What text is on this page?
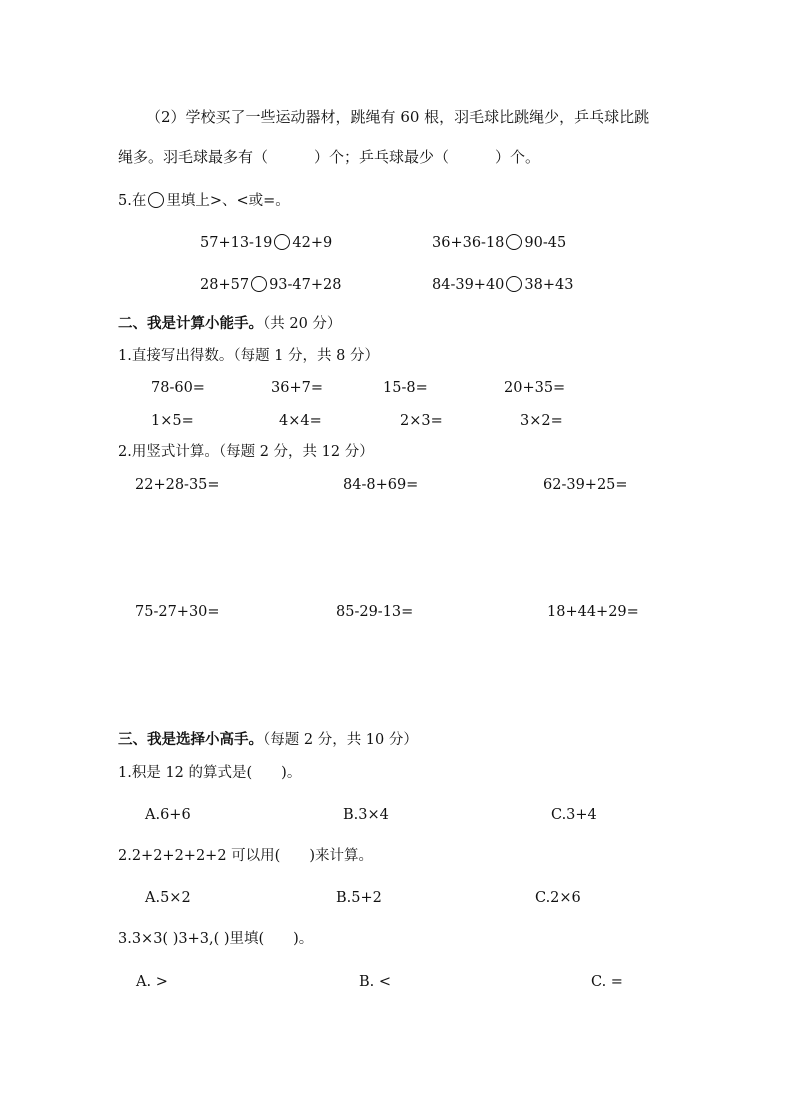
（2）学校买了一些运动器材，跳绳有 60 根，羽毛球比跳绳少，乒乓球比跳
绳多。羽毛球最多有（	）个；乒乓球最少（	）个。
5.在 里填上>、<或=。
57+13-19 42+9	36+36-18 90-45
28+57 93-47+28	84-39+40 38+43
二、我是计算小能手。（共 20 分）
1.直接写出得数。（每题 1 分，共 8 分）
78-60=	36+7=	15-8=	20+35=
1×5=	4×4=	2×3=	3×2=
2.用竖式计算。（每题 2 分，共 12 分）
22+28-35=	84-8+69=	62-39+25=
75-27+30=	85-29-13=	18+44+29=
三、我是选择小高手。（每题 2 分，共 10 分）
1.积是 12 的算式是(　　)。
A.6+6	B.3×4	C.3+4
2.2+2+2+2+2 可以用(　　)来计算。
A.5×2	B.5+2	C.2×6
3.3×3( )3+3,( )里填(　　)。
A. >	B. <	C. =
